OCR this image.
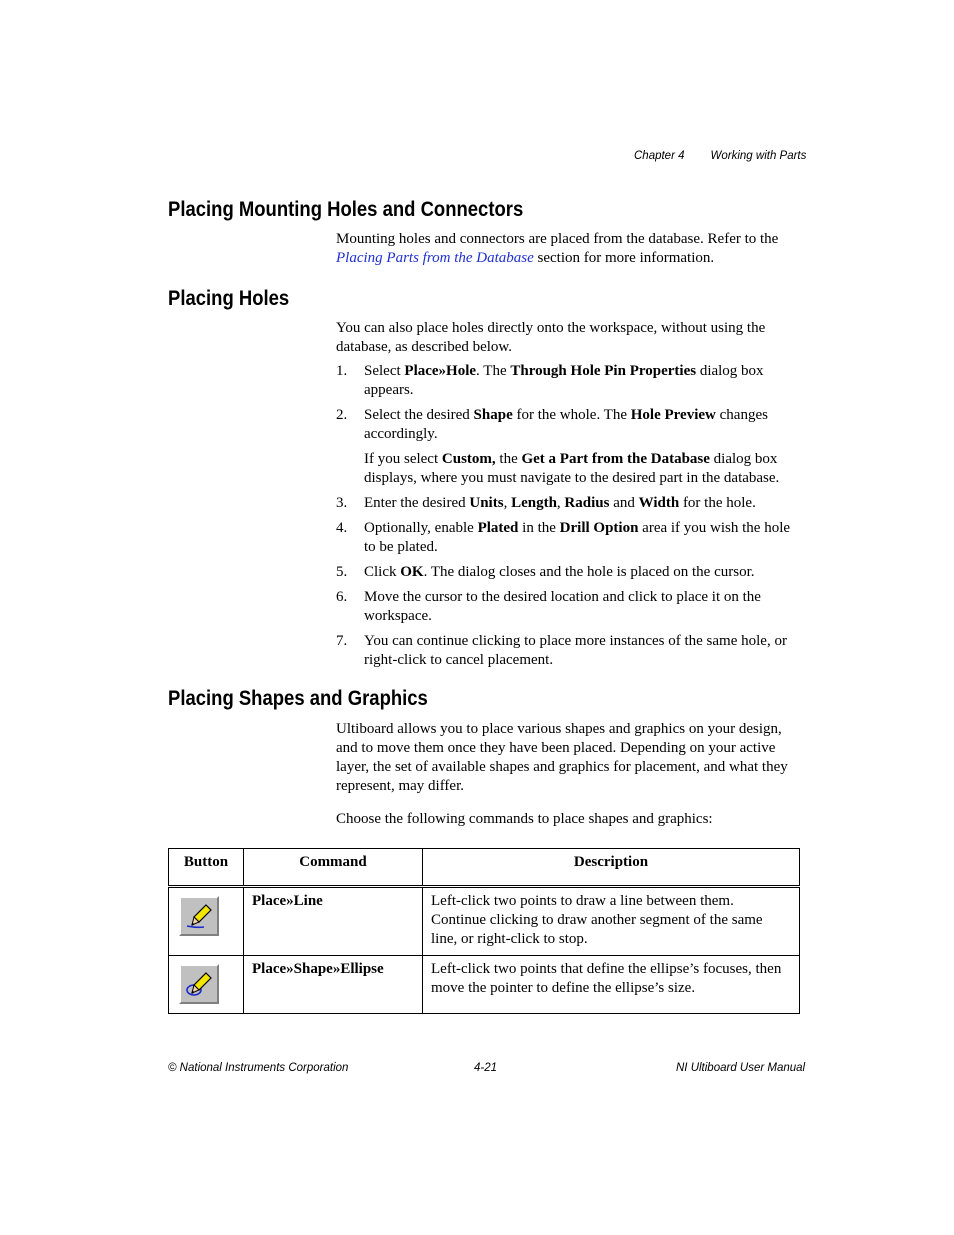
Chapter 4 Working with Parts
Placing Mounting Holes and Connectors

Mounting holes and connectors are placed from the database. Refer to the Placing Parts from the Database section for more information.

Placing Holes

You can also place holes directly onto the workspace, without using the database, as described below.

1. Select Place»Hole. The Through Hole Pin Properties dialog box appears.
2. Select the desired Shape for the whole. The Hole Preview changes accordingly.
If you select Custom, the Get a Part from the Database dialog box displays, where you must navigate to the desired part in the database.
3. Enter the desired Units, Length, Radius and Width for the hole.
4. Optionally, enable Plated in the Drill Option area if you wish the hole to be plated.
5. Click OK. The dialog closes and the hole is placed on the cursor.
6. Move the cursor to the desired location and click to place it on the workspace.
7. You can continue clicking to place more instances of the same hole, or right-click to cancel placement.
Placing Shapes and Graphics

Ultiboard allows you to place various shapes and graphics on your design, and to move them once they have been placed. Depending on your active layer, the set of available shapes and graphics for placement, and what they represent, may differ.

Choose the following commands to place shapes and graphics:

Button	Command	Description

	Place»Line	Left-click two points to draw a line between them. Continue clicking to draw another segment of the same line, or right-click to stop.

	Place»Shape»Ellipse	Left-click two points that define the ellipse’s focuses, then move the pointer to define the ellipse’s size.
© National Instruments Corporation	4-21	NI Ultiboard User Manual
